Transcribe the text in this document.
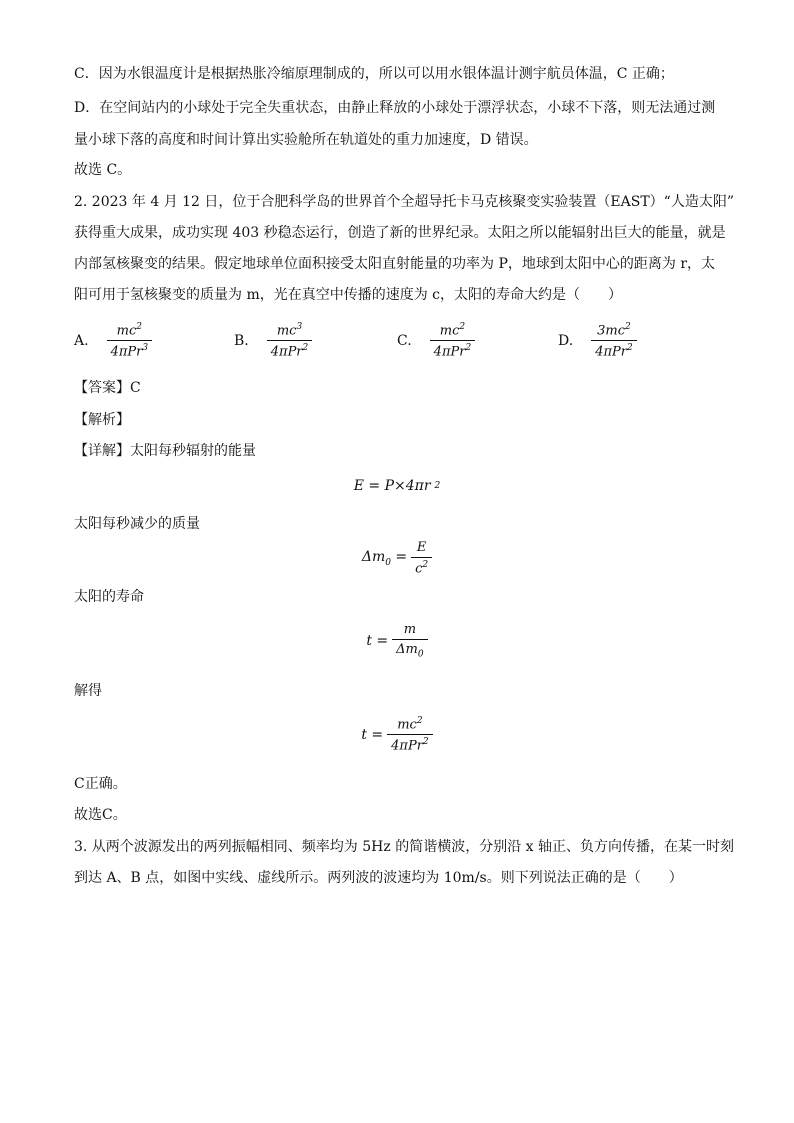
C．因为水银温度计是根据热胀冷缩原理制成的，所以可以用水银体温计测宇航员体温，C 正确；
D．在空间站内的小球处于完全失重状态，由静止释放的小球处于漂浮状态，小球不下落，则无法通过测
量小球下落的高度和时间计算出实验舱所在轨道处的重力加速度，D 错误。
故选 C。
2. 2023 年 4 月 12 日，位于合肥科学岛的世界首个全超导托卡马克核聚变实验装置（EAST）“人造太阳”
获得重大成果，成功实现 403 秒稳态运行，创造了新的世界纪录。太阳之所以能辐射出巨大的能量，就是
内部氢核聚变的结果。假定地球单位面积接受太阳直射能量的功率为 P，地球到太阳中心的距离为 r，太
阳可用于氢核聚变的质量为 m，光在真空中传播的速度为 c，太阳的寿命大约是（　　）
A. $\frac{mc^2}{4\pi Pr^3}$	B. $\frac{mc^3}{4\pi Pr^2}$	C. $\frac{mc^2}{4\pi Pr^2}$	D. $\frac{3mc^2}{4\pi Pr^2}$
【答案】C
【解析】
【详解】太阳每秒辐射的能量
E = P×4πr 2
太阳每秒减少的质量
$\Delta m_0 = \frac{E}{c^2}$
太阳的寿命
$t = \frac{m}{\Delta m_0}$
解得
$t = \frac{mc^2}{4\pi Pr^2}$
C正确。
故选C。
3. 从两个波源发出的两列振幅相同、频率均为 5Hz 的简谐横波，分别沿 x 轴正、负方向传播，在某一时刻
到达 A、B 点，如图中实线、虚线所示。两列波的波速均为 10m/s。则下列说法正确的是（　　）
